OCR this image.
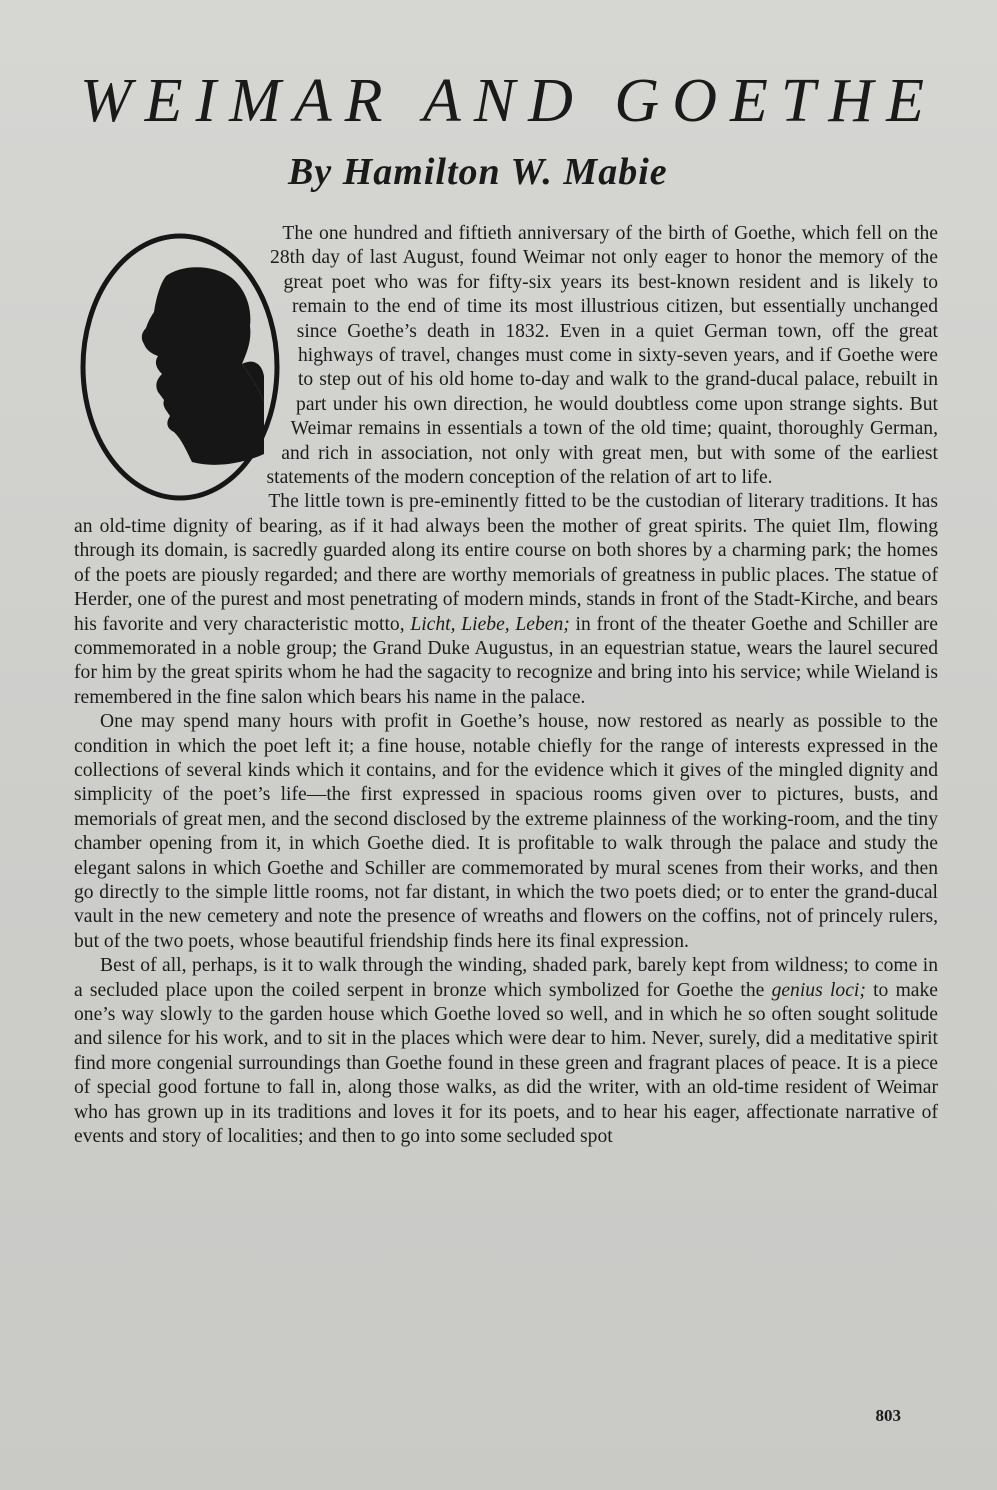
WEIMAR AND GOETHE
By Hamilton W. Mabie

The one hundred and fiftieth anniversary of the birth of Goethe, which fell on the 28th day of last August, found Weimar not only eager to honor the memory of the great poet who was for fifty-six years its best-known resident and is likely to remain to the end of time its most illustrious citizen, but essentially unchanged since Goethe’s death in 1832. Even in a quiet German town, off the great highways of travel, changes must come in sixty-seven years, and if Goethe were to step out of his old home to-day and walk to the grand-ducal palace, rebuilt in part under his own direction, he would doubtless come upon strange sights. But Weimar remains in essentials a town of the old time; quaint, thoroughly German, and rich in association, not only with great men, but with some of the earliest statements of the modern conception of the relation of art to life.

The little town is pre-eminently fitted to be the custodian of literary traditions. It has an old-time dignity of bearing, as if it had always been the mother of great spirits. The quiet Ilm, flowing through its domain, is sacredly guarded along its entire course on both shores by a charming park; the homes of the poets are piously regarded; and there are worthy memorials of greatness in public places. The statue of Herder, one of the purest and most penetrating of modern minds, stands in front of the Stadt-Kirche, and bears his favorite and very characteristic motto, Licht, Liebe, Leben; in front of the theater Goethe and Schiller are commemorated in a noble group; the Grand Duke Augustus, in an equestrian statue, wears the laurel secured for him by the great spirits whom he had the sagacity to recognize and bring into his service; while Wieland is remembered in the fine salon which bears his name in the palace.

One may spend many hours with profit in Goethe’s house, now restored as nearly as possible to the condition in which the poet left it; a fine house, notable chiefly for the range of interests expressed in the collections of several kinds which it contains, and for the evidence which it gives of the mingled dignity and simplicity of the poet’s life—the first expressed in spacious rooms given over to pictures, busts, and memorials of great men, and the second disclosed by the extreme plainness of the working-room, and the tiny chamber opening from it, in which Goethe died. It is profitable to walk through the palace and study the elegant salons in which Goethe and Schiller are commemorated by mural scenes from their works, and then go directly to the simple little rooms, not far distant, in which the two poets died; or to enter the grand-ducal vault in the new cemetery and note the presence of wreaths and flowers on the coffins, not of princely rulers, but of the two poets, whose beautiful friendship finds here its final expression.

Best of all, perhaps, is it to walk through the winding, shaded park, barely kept from wildness; to come in a secluded place upon the coiled serpent in bronze which symbolized for Goethe the genius loci; to make one’s way slowly to the garden house which Goethe loved so well, and in which he so often sought solitude and silence for his work, and to sit in the places which were dear to him. Never, surely, did a meditative spirit find more congenial surroundings than Goethe found in these green and fragrant places of peace. It is a piece of special good fortune to fall in, along those walks, as did the writer, with an old-time resident of Weimar who has grown up in its traditions and loves it for its poets, and to hear his eager, affectionate narrative of events and story of localities; and then to go into some secluded spot

803
